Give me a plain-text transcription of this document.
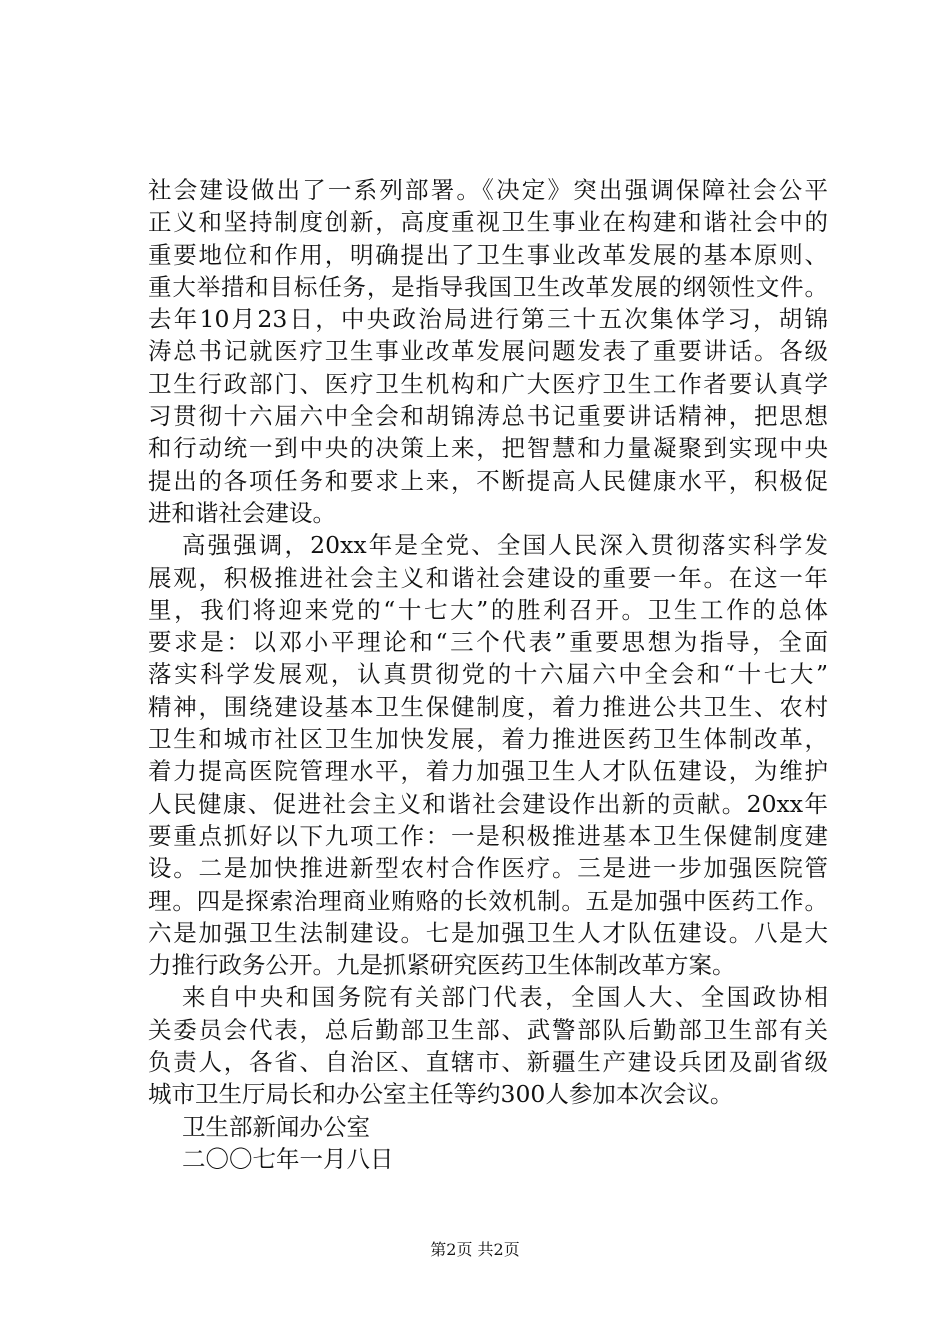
社会建设做出了一系列部署。《决定》突出强调保障社会公平
正义和坚持制度创新，高度重视卫生事业在构建和谐社会中的
重要地位和作用，明确提出了卫生事业改革发展的基本原则、
重大举措和目标任务，是指导我国卫生改革发展的纲领性文件。
去年10月23日，中央政治局进行第三十五次集体学习，胡锦
涛总书记就医疗卫生事业改革发展问题发表了重要讲话。各级
卫生行政部门、医疗卫生机构和广大医疗卫生工作者要认真学
习贯彻十六届六中全会和胡锦涛总书记重要讲话精神，把思想
和行动统一到中央的决策上来，把智慧和力量凝聚到实现中央
提出的各项任务和要求上来，不断提高人民健康水平，积极促
进和谐社会建设。
高强强调，20xx年是全党、全国人民深入贯彻落实科学发
展观，积极推进社会主义和谐社会建设的重要一年。在这一年
里，我们将迎来党的“十七大”的胜利召开。卫生工作的总体
要求是：以邓小平理论和“三个代表”重要思想为指导，全面
落实科学发展观，认真贯彻党的十六届六中全会和“十七大”
精神，围绕建设基本卫生保健制度，着力推进公共卫生、农村
卫生和城市社区卫生加快发展，着力推进医药卫生体制改革，
着力提高医院管理水平，着力加强卫生人才队伍建设，为维护
人民健康、促进社会主义和谐社会建设作出新的贡献。20xx年
要重点抓好以下九项工作：一是积极推进基本卫生保健制度建
设。二是加快推进新型农村合作医疗。三是进一步加强医院管
理。四是探索治理商业贿赂的长效机制。五是加强中医药工作。
六是加强卫生法制建设。七是加强卫生人才队伍建设。八是大
力推行政务公开。九是抓紧研究医药卫生体制改革方案。
来自中央和国务院有关部门代表，全国人大、全国政协相
关委员会代表，总后勤部卫生部、武警部队后勤部卫生部有关
负责人，各省、自治区、直辖市、新疆生产建设兵团及副省级
城市卫生厅局长和办公室主任等约300人参加本次会议。
卫生部新闻办公室
二〇〇七年一月八日
第2页 共2页
